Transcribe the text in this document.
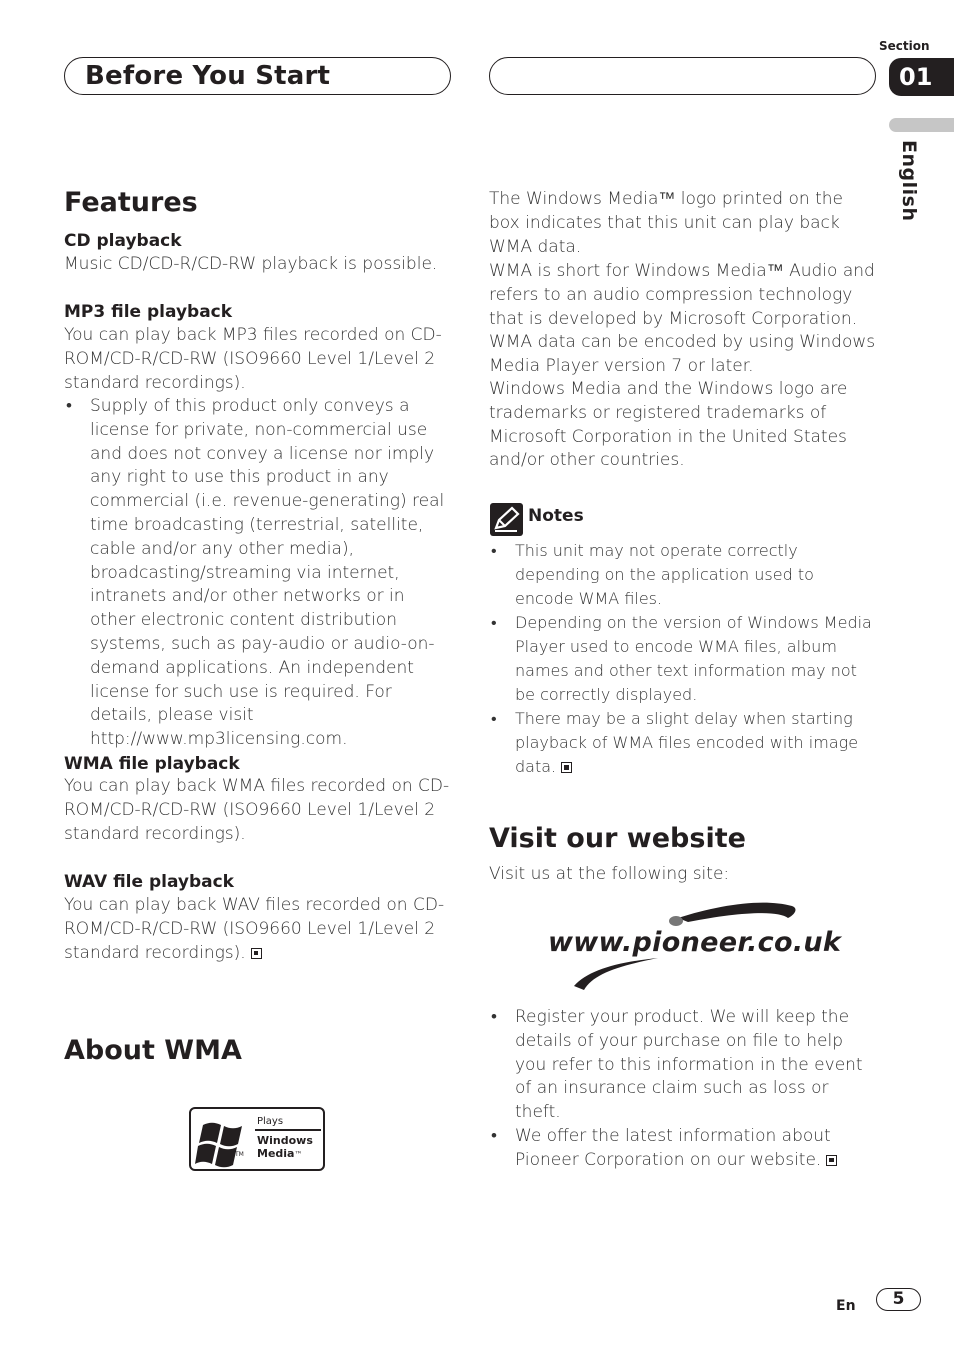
Before You Start
Section
01
English
Features
CD playback
Music CD/CD-R/CD-RW playback is possible.
MP3 file playback
You can play back MP3 files recorded on CD-ROM/CD-R/CD-RW (ISO9660 Level 1/Level 2 standard recordings).
• Supply of this product only conveys a license for private, non-commercial use and does not convey a license nor imply any right to use this product in any commercial (i.e. revenue-generating) real time broadcasting (terrestrial, satellite, cable and/or any other media), broadcasting/streaming via internet, intranets and/or other networks or in other electronic content distribution systems, such as pay-audio or audio-on-demand applications. An independent license for such use is required. For details, please visit http://www.mp3licensing.com.
WMA file playback
You can play back WMA files recorded on CD-ROM/CD-R/CD-RW (ISO9660 Level 1/Level 2 standard recordings).
WAV file playback
You can play back WAV files recorded on CD-ROM/CD-R/CD-RW (ISO9660 Level 1/Level 2 standard recordings).
About WMA
TM
Plays
Windows
Media™
The Windows Media™ logo printed on the box indicates that this unit can play back WMA data.
WMA is short for Windows Media™ Audio and refers to an audio compression technology that is developed by Microsoft Corporation. WMA data can be encoded by using Windows Media Player version 7 or later.
Windows Media and the Windows logo are trademarks or registered trademarks of Microsoft Corporation in the United States and/or other countries.
Notes
• This unit may not operate correctly depending on the application used to encode WMA files.
• Depending on the version of Windows Media Player used to encode WMA files, album names and other text information may not be correctly displayed.
• There may be a slight delay when starting playback of WMA files encoded with image data.
Visit our website
Visit us at the following site:
www.pioneer.co.uk
• Register your product. We will keep the details of your purchase on file to help you refer to this information in the event of an insurance claim such as loss or theft.
• We offer the latest information about Pioneer Corporation on our website.
En	5
